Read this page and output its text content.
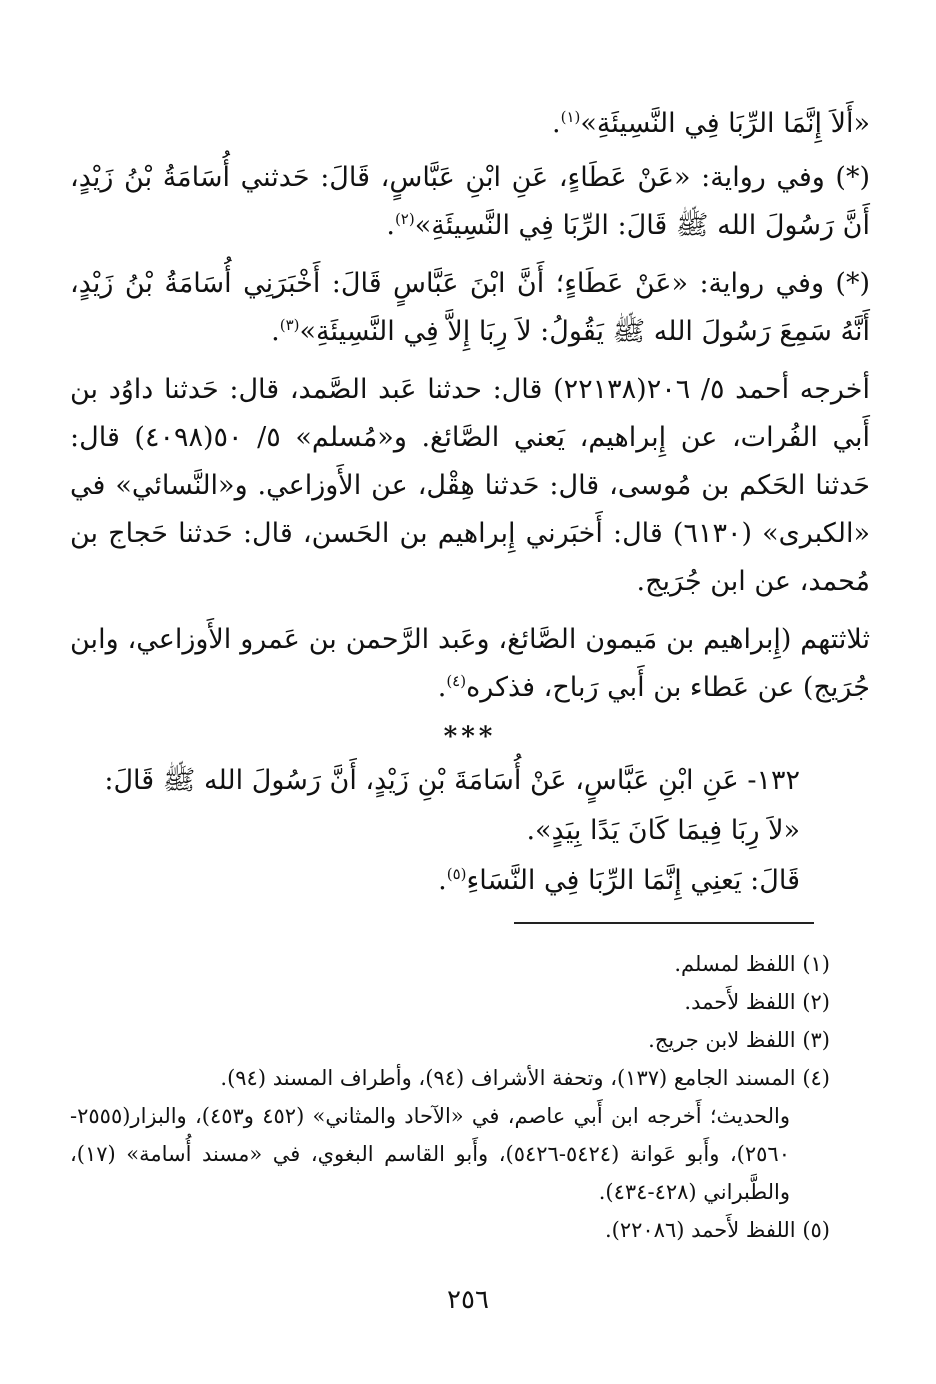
«أَلاَ إِنَّمَا الرِّبَا فِي النَّسِيئَةِ»$^{(١)}$.

(*) وفي رواية: «عَنْ عَطَاءٍ، عَنِ ابْنِ عَبَّاسٍ، قَالَ: حَدثني أُسَامَةُ بْنُ زَيْدٍ، أَنَّ رَسُولَ الله ﷺ قَالَ: الرِّبَا فِي النَّسِيئَةِ»$^{(٢)}$.

(*) وفي رواية: «عَنْ عَطَاءٍ؛ أَنَّ ابْنَ عَبَّاسٍ قَالَ: أَخْبَرَنِي أُسَامَةُ بْنُ زَيْدٍ، أَنَّهُ سَمِعَ رَسُولَ الله ﷺ يَقُولُ: لاَ رِبَا إِلاَّ فِي النَّسِيئَةِ»$^{(٣)}$.

أخرجه أحمد ٥/ ٢٠٦(٢٢١٣٨) قال: حدثنا عَبد الصَّمد، قال: حَدثنا داوُد بن أَبي الفُرات، عن إِبراهيم، يَعني الصَّائغ. و«مُسلم» ٥/ ٥٠(٤٠٩٨) قال: حَدثنا الحَكم بن مُوسى، قال: حَدثنا هِقْل، عن الأَوزاعي. و«النَّسائي» في «الكبرى» (٦١٣٠) قال: أَخبَرني إِبراهيم بن الحَسن، قال: حَدثنا حَجاج بن مُحمد، عن ابن جُرَيج.

ثلاثتهم (إِبراهيم بن مَيمون الصَّائغ، وعَبد الرَّحمن بن عَمرو الأَوزاعي، وابن جُرَيج) عن عَطاء بن أَبي رَباح، فذكره$^{(٤)}$.

***
١٣٢- عَنِ ابْنِ عَبَّاسٍ، عَنْ أُسَامَةَ بْنِ زَيْدٍ، أَنَّ رَسُولَ الله ﷺ قَالَ:
«لاَ رِبَا فِيمَا كَانَ يَدًا بِيَدٍ».
قَالَ: يَعنِي إِنَّمَا الرِّبَا فِي النَّسَاءِ$^{(٥)}$.
(١) اللفظ لمسلم.
(٢) اللفظ لأَحمد.
(٣) اللفظ لابن جريج.
(٤) المسند الجامع (١٣٧)، وتحفة الأشراف (٩٤)، وأطراف المسند (٩٤).
والحديث؛ أَخرجه ابن أَبي عاصم، في «الآحاد والمثاني» (٤٥٢ و٤٥٣)، والبزار(٢٥٥٥- ٢٥٦٠)، وأَبو عَوانة (٥٤٢٤-٥٤٢٦)، وأَبو القاسم البغوي، في «مسند أُسامة» (١٧)، والطَّبراني (٤٢٨-٤٣٤).
(٥) اللفظ لأَحمد (٢٢٠٨٦).
٢٥٦
